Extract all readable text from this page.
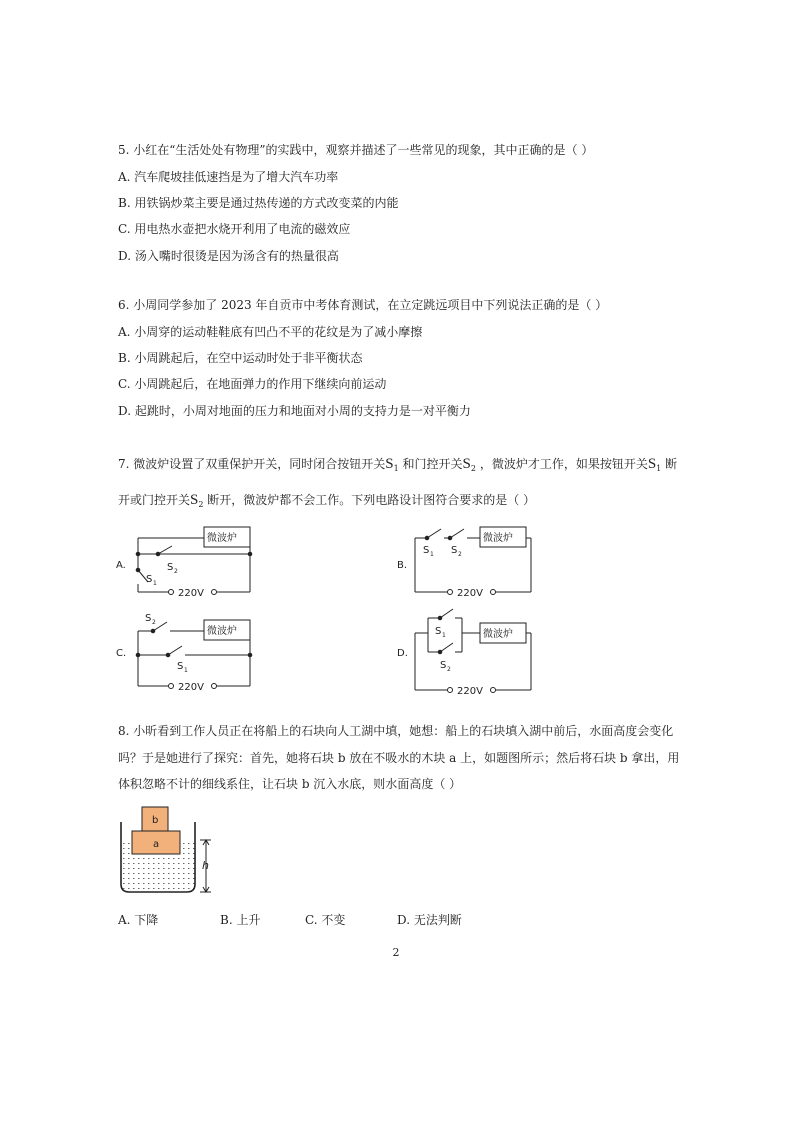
5. 小红在“生活处处有物理”的实践中，观察并描述了一些常见的现象，其中正确的是（ ）
A. 汽车爬坡挂低速挡是为了增大汽车功率
B. 用铁锅炒菜主要是通过热传递的方式改变菜的内能
C. 用电热水壶把水烧开利用了电流的磁效应
D. 汤入嘴时很烫是因为汤含有的热量很高
6. 小周同学参加了 2023 年自贡市中考体育测试，在立定跳远项目中下列说法正确的是（ ）
A. 小周穿的运动鞋鞋底有凹凸不平的花纹是为了减小摩擦
B. 小周跳起后，在空中运动时处于非平衡状态
C. 小周跳起后，在地面弹力的作用下继续向前运动
D. 起跳时，小周对地面的压力和地面对小周的支持力是一对平衡力
7. 微波炉设置了双重保护开关，同时闭合按钮开关$S_1$ 和门控开关$S_2$ ，微波炉才工作，如果按钮开关$S_1$ 断
开或门控开关$S_2$ 断开，微波炉都不会工作。下列电路设计图符合要求的是（ ）
A.
微波炉
S 2
S 1
220V
B.
S 1 S 2
微波炉
220V
C.
S 2
微波炉
S 1
220V
D.
S 1
S 2
微波炉
220V
8. 小昕看到工作人员正在将船上的石块向人工湖中填，她想：船上的石块填入湖中前后，水面高度会变化
吗？于是她进行了探究：首先，她将石块 b 放在不吸水的木块 a 上，如题图所示；然后将石块 b 拿出，用
体积忽略不计的细线系住，让石块 b 沉入水底，则水面高度（ ）
b
a
h
A. 下降	B. 上升	C. 不变	D. 无法判断
2
